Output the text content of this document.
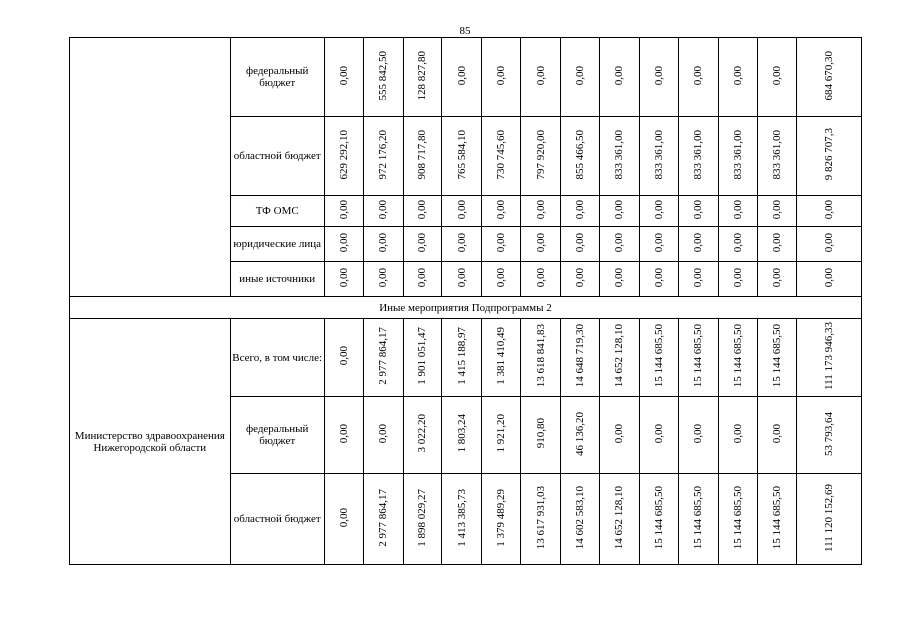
85
	федеральный бюджет	0,00	555 842,50	128 827,80	0,00	0,00	0,00	0,00	0,00	0,00	0,00	0,00	0,00	684 670,30
	областной бюджет	629 292,10	972 176,20	908 717,80	765 584,10	730 745,60	797 920,00	855 466,50	833 361,00	833 361,00	833 361,00	833 361,00	833 361,00	9 826 707,3
	ТФ ОМС	0,00	0,00	0,00	0,00	0,00	0,00	0,00	0,00	0,00	0,00	0,00	0,00	0,00
	юридические лица	0,00	0,00	0,00	0,00	0,00	0,00	0,00	0,00	0,00	0,00	0,00	0,00	0,00
	иные источники	0,00	0,00	0,00	0,00	0,00	0,00	0,00	0,00	0,00	0,00	0,00	0,00	0,00
Иные мероприятия Подпрограммы 2														
Министерство здравоохранения Нижегородской области	Всего, в том числе:	0,00	2 977 864,17	1 901 051,47	1 415 188,97	1 381 410,49	13 618 841,83	14 648 719,30	14 652 128,10	15 144 685,50	15 144 685,50	15 144 685,50	15 144 685,50	111 173 946,33
	федеральный бюджет	0,00	0,00	3 022,20	1 803,24	1 921,20	910,80	46 136,20	0,00	0,00	0,00	0,00	0,00	53 793,64
	областной бюджет	0,00	2 977 864,17	1 898 029,27	1 413 385,73	1 379 489,29	13 617 931,03	14 602 583,10	14 652 128,10	15 144 685,50	15 144 685,50	15 144 685,50	15 144 685,50	111 120 152,69
